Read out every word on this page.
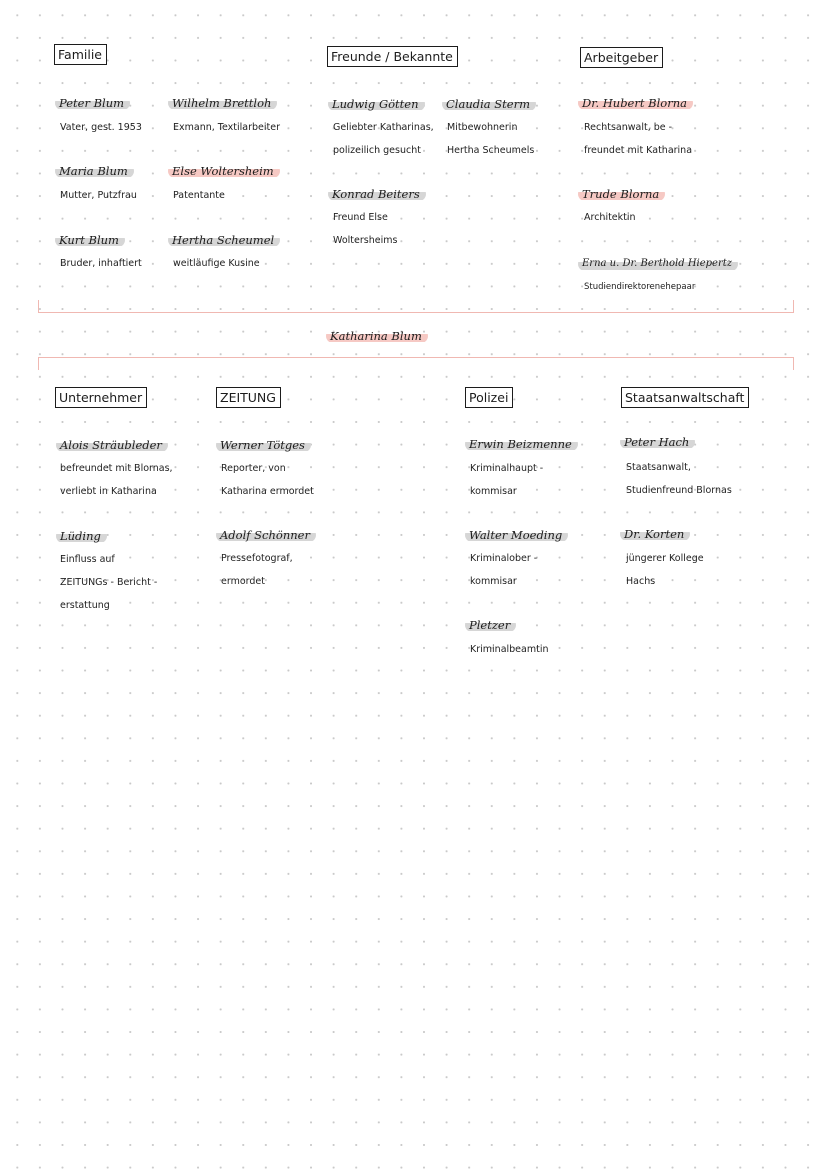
Familie	Freunde / Bekannte	Arbeitgeber
Peter Blum
Vater, gest. 1953
Maria Blum
Mutter, Putzfrau
Kurt Blum
Bruder, inhaftiert
Wilhelm Brettloh
Exmann, Textilarbeiter
Else Woltersheim
Patentante
Hertha Scheumel
weitläufige Kusine
Ludwig Götten
Geliebter Katharinas,
polizeilich gesucht
Konrad Beiters
Freund Else
Woltersheims
Claudia Sterm
Mitbewohnerin
Hertha Scheumels
Dr. Hubert Blorna
Rechtsanwalt, be -
freundet mit Katharina
Trude Blorna
Architektin
Erna u. Dr. Berthold Hiepertz
Studiendirektorenehepaar
Katharina Blum
Unternehmer	ZEITUNG	Polizei	Staatsanwaltschaft
Alois Sträubleder
befreundet mit Blornas,
verliebt in Katharina
Lüding
Einfluss auf
ZEITUNGs - Bericht -
erstattung
Werner Tötges
Reporter, von
Katharina ermordet
Adolf Schönner
Pressefotograf,
ermordet
Erwin Beizmenne
Kriminalhaupt -
kommisar
Walter Moeding
Kriminalober -
kommisar
Pletzer
Kriminalbeamtin
Peter Hach
Staatsanwalt,
Studienfreund Blornas
Dr. Korten
jüngerer Kollege
Hachs
